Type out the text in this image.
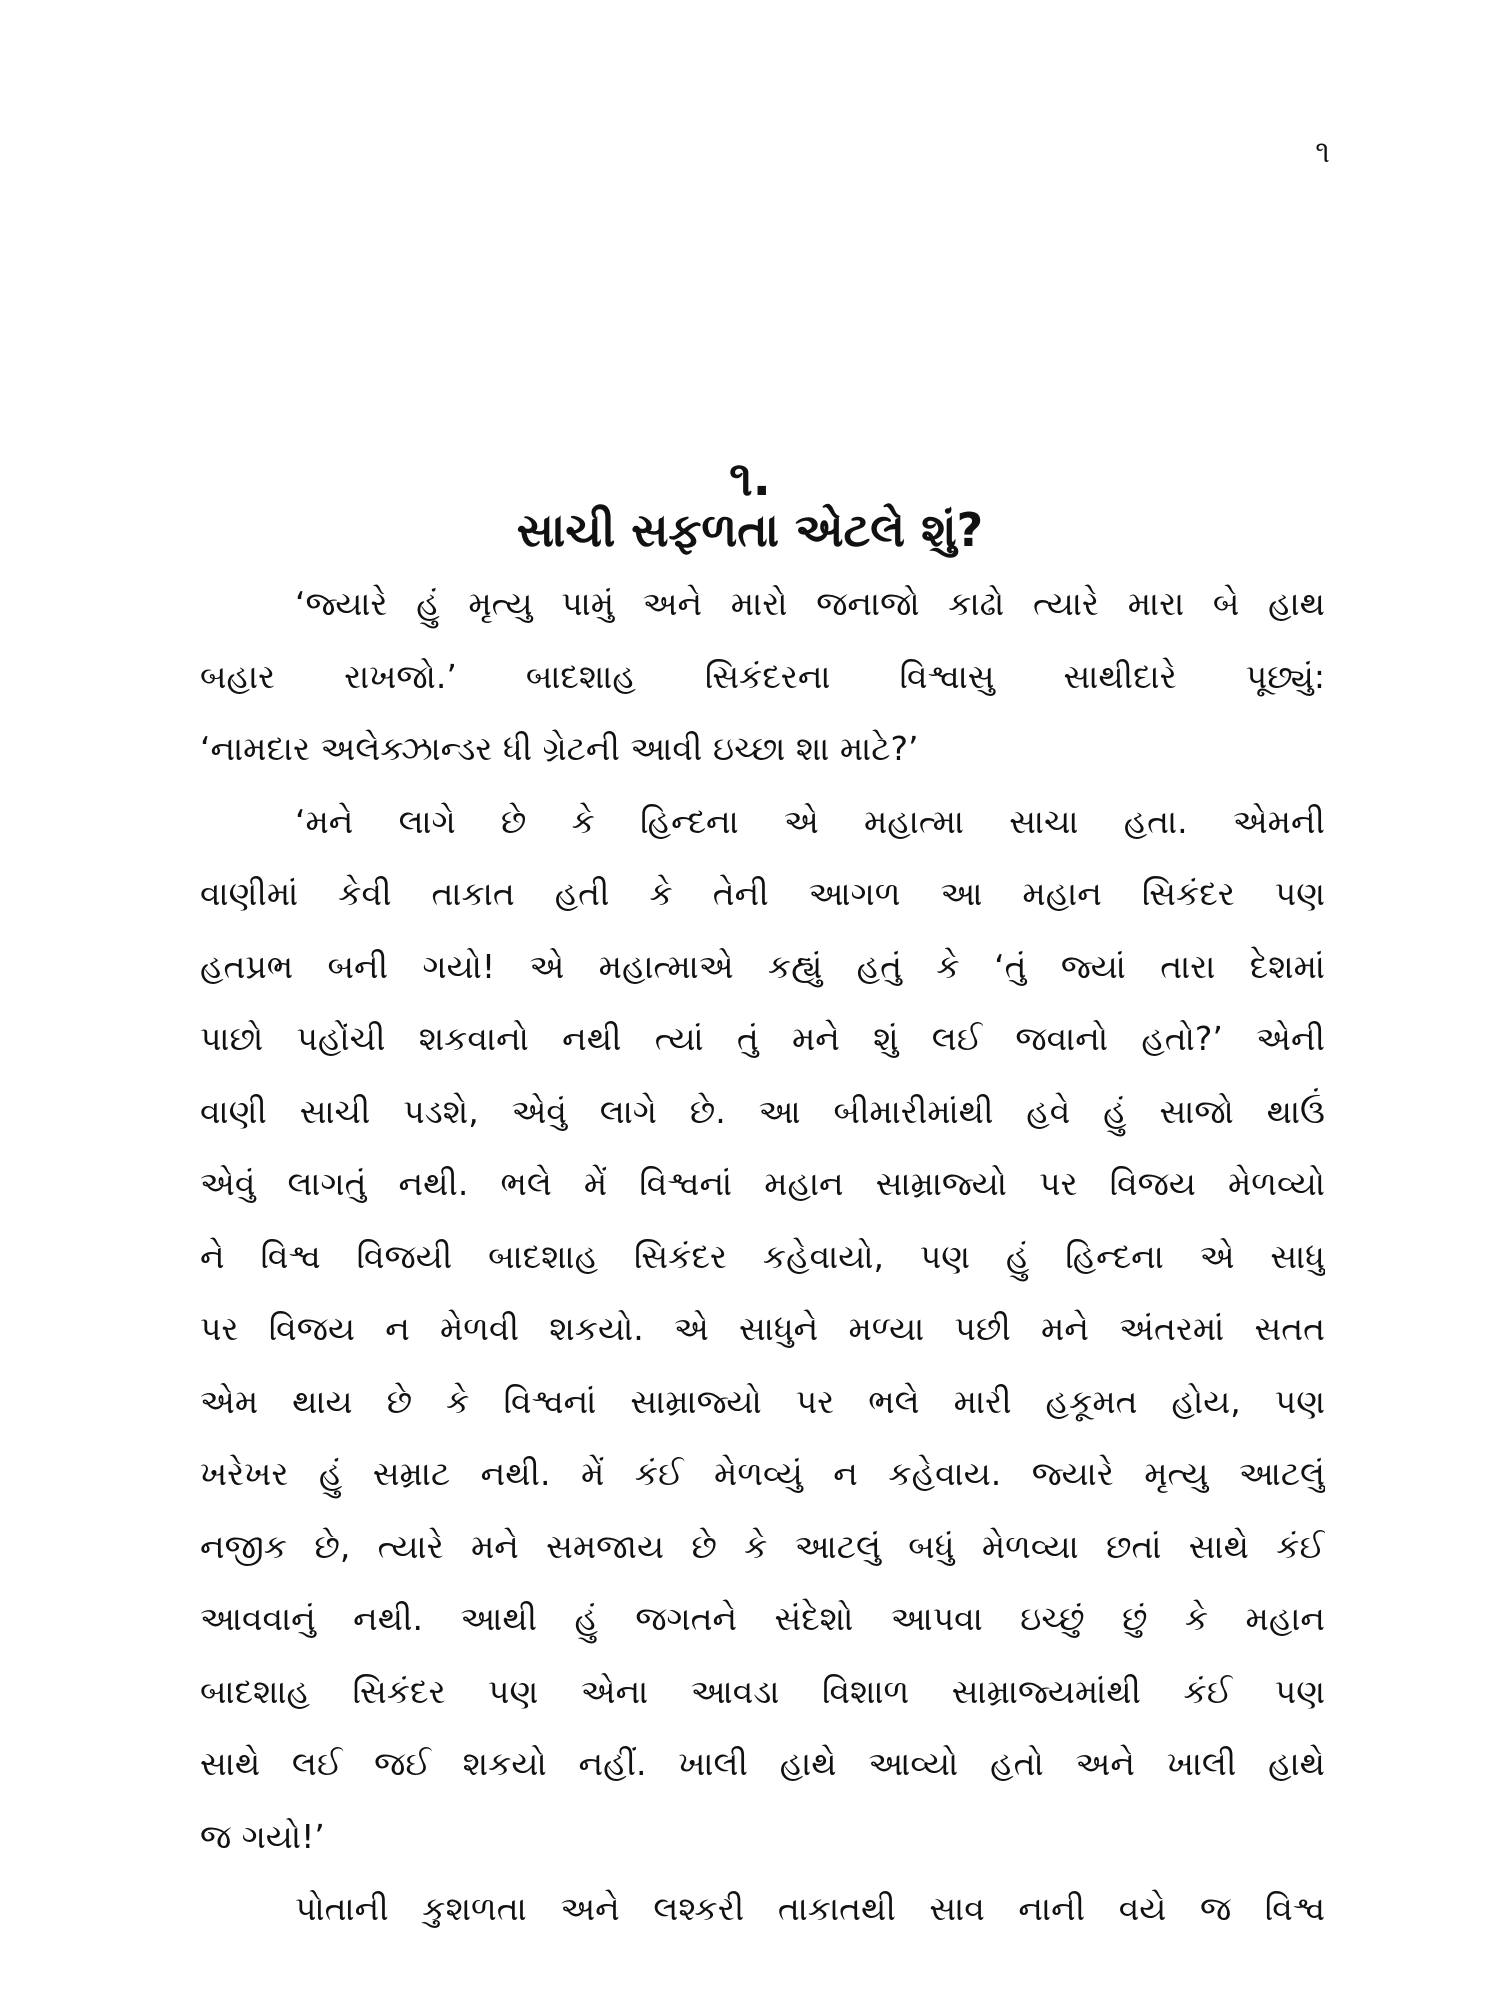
૧
૧.
સાચી સફળતા એટલે શું?
‘જ્યારે હું મૃત્યુ પામું અને મારો જનાજો કાઢો ત્યારે મારા બે હાથ
બહાર રાખજો.’ બાદશાહ સિકંદરના વિશ્વાસુ સાથીદારે પૂછ્યું:
‘નામદાર અલેક્ઝાન્ડર ધી ગ્રેટની આવી ઇચ્છા શા માટે?’
‘મને લાગે છે કે હિન્દના એ મહાત્મા સાચા હતા. એમની
વાણીમાં કેવી તાકાત હતી કે તેની આગળ આ મહાન સિકંદર પણ
હતપ્રભ બની ગયો! એ મહાત્માએ કહ્યું હતું કે ‘તું જ્યાં તારા દેશમાં
પાછો પહોંચી શકવાનો નથી ત્યાં તું મને શું લઈ જવાનો હતો?’ એની
વાણી સાચી પડશે, એવું લાગે છે. આ બીમારીમાંથી હવે હું સાજો થાઉં
એવું લાગતું નથી. ભલે મેં વિશ્વનાં મહાન સામ્રાજ્યો પર વિજય મેળવ્યો
ને વિશ્વ વિજયી બાદશાહ સિકંદર કહેવાયો, પણ હું હિન્દના એ સાધુ
પર વિજય ન મેળવી શકયો. એ સાધુને મળ્યા પછી મને અંતરમાં સતત
એમ થાય છે કે વિશ્વનાં સામ્રાજ્યો પર ભલે મારી હકૂમત હોય, પણ
ખરેખર હું સમ્રાટ નથી. મેં કંઈ મેળવ્યું ન કહેવાય. જ્યારે મૃત્યુ આટલું
નજીક છે, ત્યારે મને સમજાય છે કે આટલું બધું મેળવ્યા છતાં સાથે કંઈ
આવવાનું નથી. આથી હું જગતને સંદેશો આપવા ઇચ્છું છું કે મહાન
બાદશાહ સિકંદર પણ એના આવડા વિશાળ સામ્રાજ્યમાંથી કંઈ પણ
સાથે લઈ જઈ શકયો નહીં. ખાલી હાથે આવ્યો હતો અને ખાલી હાથે
જ ગયો!’
પોતાની કુશળતા અને લશ્કરી તાકાતથી સાવ નાની વયે જ વિશ્વ
